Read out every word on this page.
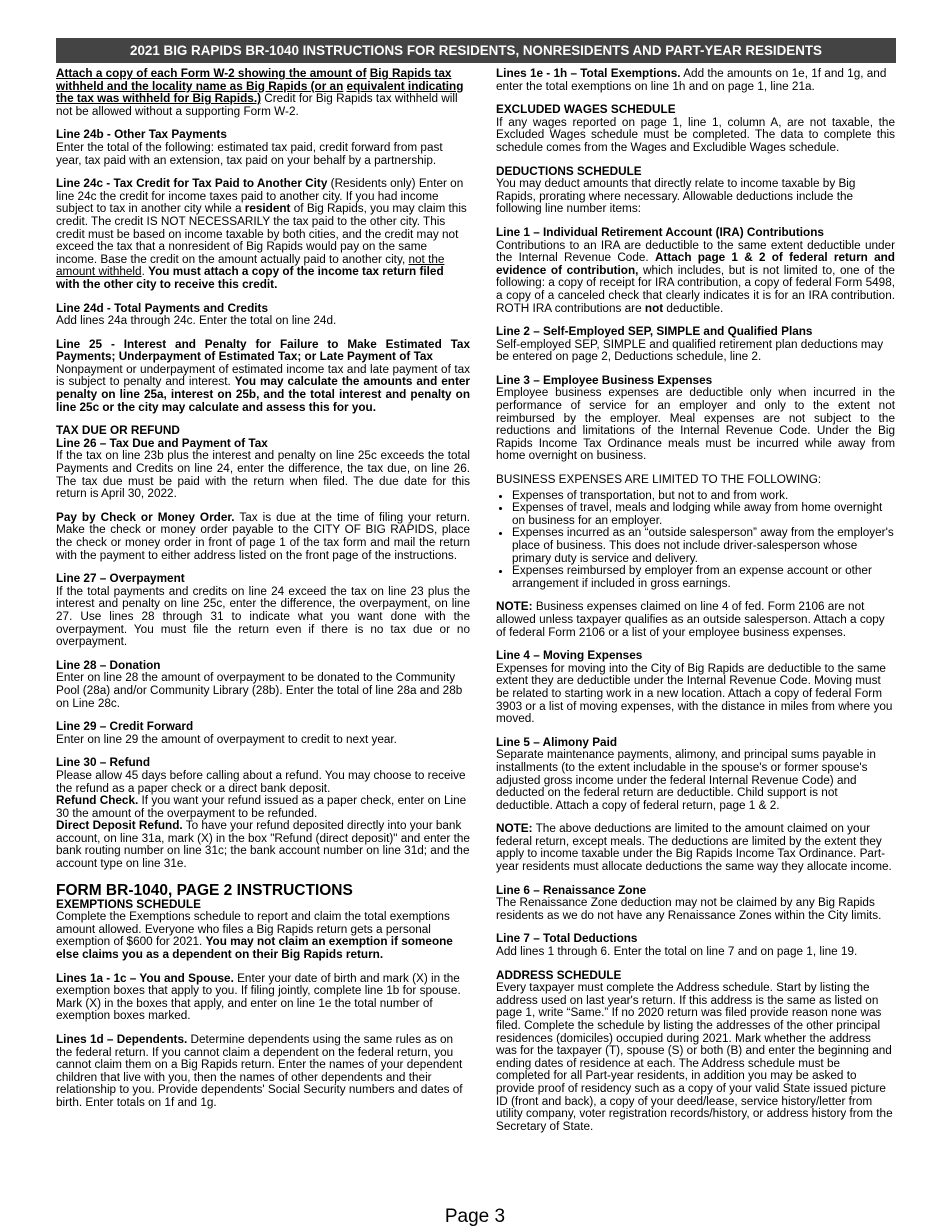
2021 BIG RAPIDS BR-1040 INSTRUCTIONS FOR RESIDENTS, NONRESIDENTS AND PART-YEAR RESIDENTS
Attach a copy of each Form W-2 showing the amount of Big Rapids tax withheld and the locality name as Big Rapids (or an equivalent indicating the tax was withheld for Big Rapids.) Credit for Big Rapids tax withheld will not be allowed without a supporting Form W-2.
Line 24b - Other Tax Payments
Enter the total of the following: estimated tax paid, credit forward from past year, tax paid with an extension, tax paid on your behalf by a partnership.
Line 24c - Tax Credit for Tax Paid to Another City (Residents only) Enter on line 24c the credit for income taxes paid to another city. If you had income subject to tax in another city while a resident of Big Rapids, you may claim this credit. The credit IS NOT NECESSARILY the tax paid to the other city. This credit must be based on income taxable by both cities, and the credit may not exceed the tax that a nonresident of Big Rapids would pay on the same income. Base the credit on the amount actually paid to another city, not the amount withheld. You must attach a copy of the income tax return filed with the other city to receive this credit.
Line 24d - Total Payments and Credits
Add lines 24a through 24c. Enter the total on line 24d.
Line 25 - Interest and Penalty for Failure to Make Estimated Tax Payments; Underpayment of Estimated Tax; or Late Payment of Tax
Nonpayment or underpayment of estimated income tax and late payment of tax is subject to penalty and interest. You may calculate the amounts and enter penalty on line 25a, interest on 25b, and the total interest and penalty on line 25c or the city may calculate and assess this for you.
TAX DUE OR REFUND
Line 26 – Tax Due and Payment of Tax
If the tax on line 23b plus the interest and penalty on line 25c exceeds the total Payments and Credits on line 24, enter the difference, the tax due, on line 26. The tax due must be paid with the return when filed. The due date for this return is April 30, 2022.
Pay by Check or Money Order. Tax is due at the time of filing your return. Make the check or money order payable to the CITY OF BIG RAPIDS, place the check or money order in front of page 1 of the tax form and mail the return with the payment to either address listed on the front page of the instructions.
Line 27 – Overpayment
If the total payments and credits on line 24 exceed the tax on line 23 plus the interest and penalty on line 25c, enter the difference, the overpayment, on line 27. Use lines 28 through 31 to indicate what you want done with the overpayment. You must file the return even if there is no tax due or no overpayment.
Line 28 – Donation
Enter on line 28 the amount of overpayment to be donated to the Community Pool (28a) and/or Community Library (28b). Enter the total of line 28a and 28b on Line 28c.
Line 29 – Credit Forward
Enter on line 29 the amount of overpayment to credit to next year.
Line 30 – Refund
Please allow 45 days before calling about a refund. You may choose to receive the refund as a paper check or a direct bank deposit.
Refund Check. If you want your refund issued as a paper check, enter on Line 30 the amount of the overpayment to be refunded.
Direct Deposit Refund. To have your refund deposited directly into your bank account, on line 31a, mark (X) in the box "Refund (direct deposit)" and enter the bank routing number on line 31c; the bank account number on line 31d; and the account type on line 31e.
FORM BR-1040, PAGE 2 INSTRUCTIONS
EXEMPTIONS SCHEDULE
Complete the Exemptions schedule to report and claim the total exemptions amount allowed. Everyone who files a Big Rapids return gets a personal exemption of $600 for 2021. You may not claim an exemption if someone else claims you as a dependent on their Big Rapids return.
Lines 1a - 1c – You and Spouse. Enter your date of birth and mark (X) in the exemption boxes that apply to you. If filing jointly, complete line 1b for spouse. Mark (X) in the boxes that apply, and enter on line 1e the total number of exemption boxes marked.
Lines 1d – Dependents. Determine dependents using the same rules as on the federal return. If you cannot claim a dependent on the federal return, you cannot claim them on a Big Rapids return. Enter the names of your dependent children that live with you, then the names of other dependents and their relationship to you. Provide dependents' Social Security numbers and dates of birth. Enter totals on 1f and 1g.
Lines 1e - 1h – Total Exemptions. Add the amounts on 1e, 1f and 1g, and enter the total exemptions on line 1h and on page 1, line 21a.
EXCLUDED WAGES SCHEDULE
If any wages reported on page 1, line 1, column A, are not taxable, the Excluded Wages schedule must be completed. The data to complete this schedule comes from the Wages and Excludible Wages schedule.
DEDUCTIONS SCHEDULE
You may deduct amounts that directly relate to income taxable by Big Rapids, prorating where necessary. Allowable deductions include the following line number items:
Line 1 – Individual Retirement Account (IRA) Contributions
Contributions to an IRA are deductible to the same extent deductible under the Internal Revenue Code. Attach page 1 & 2 of federal return and evidence of contribution, which includes, but is not limited to, one of the following: a copy of receipt for IRA contribution, a copy of federal Form 5498, a copy of a canceled check that clearly indicates it is for an IRA contribution. ROTH IRA contributions are not deductible.
Line 2 – Self-Employed SEP, SIMPLE and Qualified Plans
Self-employed SEP, SIMPLE and qualified retirement plan deductions may be entered on page 2, Deductions schedule, line 2.
Line 3 – Employee Business Expenses
Employee business expenses are deductible only when incurred in the performance of service for an employer and only to the extent not reimbursed by the employer. Meal expenses are not subject to the reductions and limitations of the Internal Revenue Code. Under the Big Rapids Income Tax Ordinance meals must be incurred while away from home overnight on business.
BUSINESS EXPENSES ARE LIMITED TO THE FOLLOWING:
• Expenses of transportation, but not to and from work.
• Expenses of travel, meals and lodging while away from home overnight on business for an employer.
• Expenses incurred as an “outside salesperson” away from the employer's place of business. This does not include driver-salesperson whose primary duty is service and delivery.
• Expenses reimbursed by employer from an expense account or other arrangement if included in gross earnings.
NOTE: Business expenses claimed on line 4 of fed. Form 2106 are not allowed unless taxpayer qualifies as an outside salesperson. Attach a copy of federal Form 2106 or a list of your employee business expenses.
Line 4 – Moving Expenses
Expenses for moving into the City of Big Rapids are deductible to the same extent they are deductible under the Internal Revenue Code. Moving must be related to starting work in a new location. Attach a copy of federal Form 3903 or a list of moving expenses, with the distance in miles from where you moved.
Line 5 – Alimony Paid
Separate maintenance payments, alimony, and principal sums payable in installments (to the extent includable in the spouse's or former spouse's adjusted gross income under the federal Internal Revenue Code) and deducted on the federal return are deductible. Child support is not deductible. Attach a copy of federal return, page 1 & 2.
NOTE: The above deductions are limited to the amount claimed on your federal return, except meals. The deductions are limited by the extent they apply to income taxable under the Big Rapids Income Tax Ordinance. Part-year residents must allocate deductions the same way they allocate income.
Line 6 – Renaissance Zone
The Renaissance Zone deduction may not be claimed by any Big Rapids residents as we do not have any Renaissance Zones within the City limits.
Line 7 – Total Deductions
Add lines 1 through 6. Enter the total on line 7 and on page 1, line 19.
ADDRESS SCHEDULE
Every taxpayer must complete the Address schedule. Start by listing the address used on last year's return. If this address is the same as listed on page 1, write “Same.” If no 2020 return was filed provide reason none was filed. Complete the schedule by listing the addresses of the other principal residences (domiciles) occupied during 2021. Mark whether the address was for the taxpayer (T), spouse (S) or both (B) and enter the beginning and ending dates of residence at each. The Address schedule must be completed for all Part-year residents, in addition you may be asked to provide proof of residency such as a copy of your valid State issued picture ID (front and back), a copy of your deed/lease, service history/letter from utility company, voter registration records/history, or address history from the Secretary of State.
Page 3
